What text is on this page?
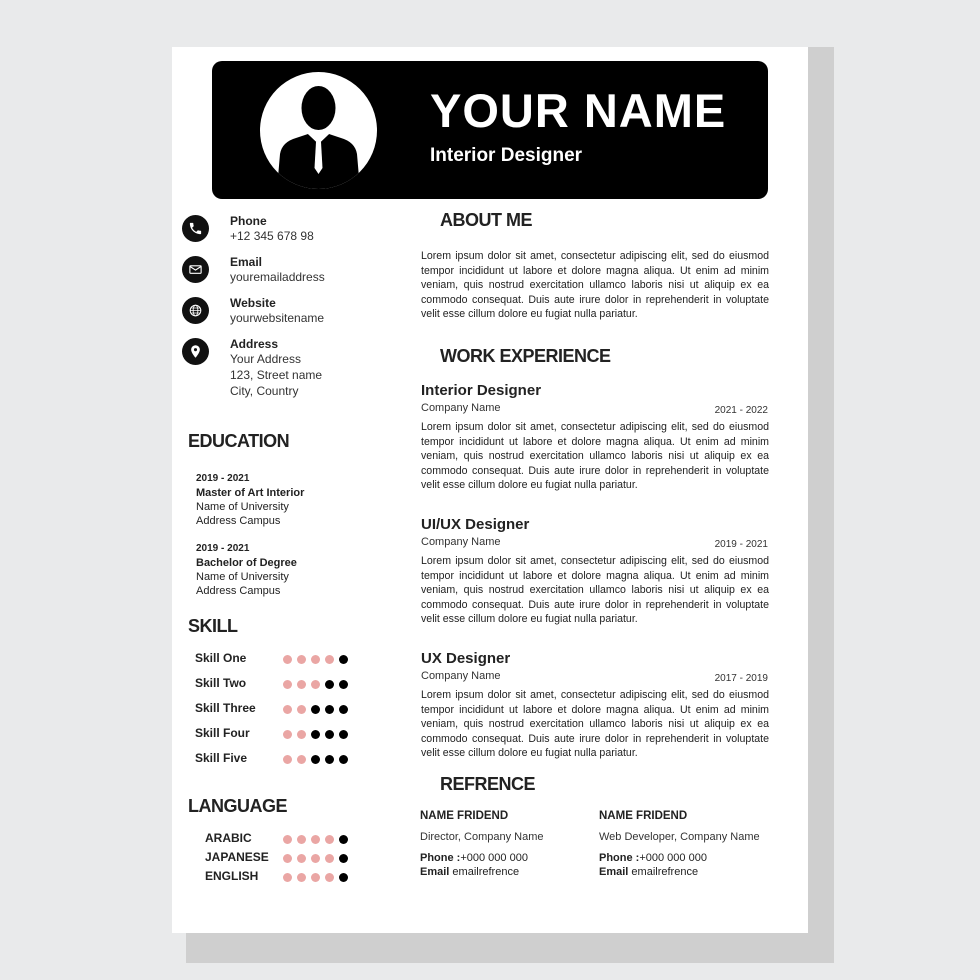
YOUR NAME
Interior Designer
Phone
+12 345 678 98
Email
youremailaddress
Website
yourwebsitename
Address
Your Address
123, Street name
City, Country
EDUCATION
2019 - 2021
Master of Art Interior
Name of University
Address Campus
2019 - 2021
Bachelor of Degree
Name of University
Address Campus
SKILL
Skill One
Skill Two
Skill Three
Skill Four
Skill Five
LANGUAGE
ARABIC
JAPANESE
ENGLISH
ABOUT ME
Lorem ipsum dolor sit amet, consectetur adipiscing elit, sed do eiusmod tempor incididunt ut labore et dolore magna aliqua. Ut enim ad minim veniam, quis nostrud exercitation ullamco laboris nisi ut aliquip ex ea commodo consequat. Duis aute irure dolor in reprehenderit in voluptate velit esse cillum dolore eu fugiat nulla pariatur.
WORK EXPERIENCE
Interior Designer
Company Name	2021 - 2022
Lorem ipsum dolor sit amet, consectetur adipiscing elit, sed do eiusmod tempor incididunt ut labore et dolore magna aliqua. Ut enim ad minim veniam, quis nostrud exercitation ullamco laboris nisi ut aliquip ex ea commodo consequat. Duis aute irure dolor in reprehenderit in voluptate velit esse cillum dolore eu fugiat nulla pariatur.
UI/UX Designer
Company Name	2019 - 2021
Lorem ipsum dolor sit amet, consectetur adipiscing elit, sed do eiusmod tempor incididunt ut labore et dolore magna aliqua. Ut enim ad minim veniam, quis nostrud exercitation ullamco laboris nisi ut aliquip ex ea commodo consequat. Duis aute irure dolor in reprehenderit in voluptate velit esse cillum dolore eu fugiat nulla pariatur.
UX Designer
Company Name	2017 - 2019
Lorem ipsum dolor sit amet, consectetur adipiscing elit, sed do eiusmod tempor incididunt ut labore et dolore magna aliqua. Ut enim ad minim veniam, quis nostrud exercitation ullamco laboris nisi ut aliquip ex ea commodo consequat. Duis aute irure dolor in reprehenderit in voluptate velit esse cillum dolore eu fugiat nulla pariatur.
REFRENCE
NAME FRIDEND
Director, Company Name
Phone :+000 000 000
Email emailrefrence
NAME FRIDEND
Web Developer, Company Name
Phone :+000 000 000
Email emailrefrence
